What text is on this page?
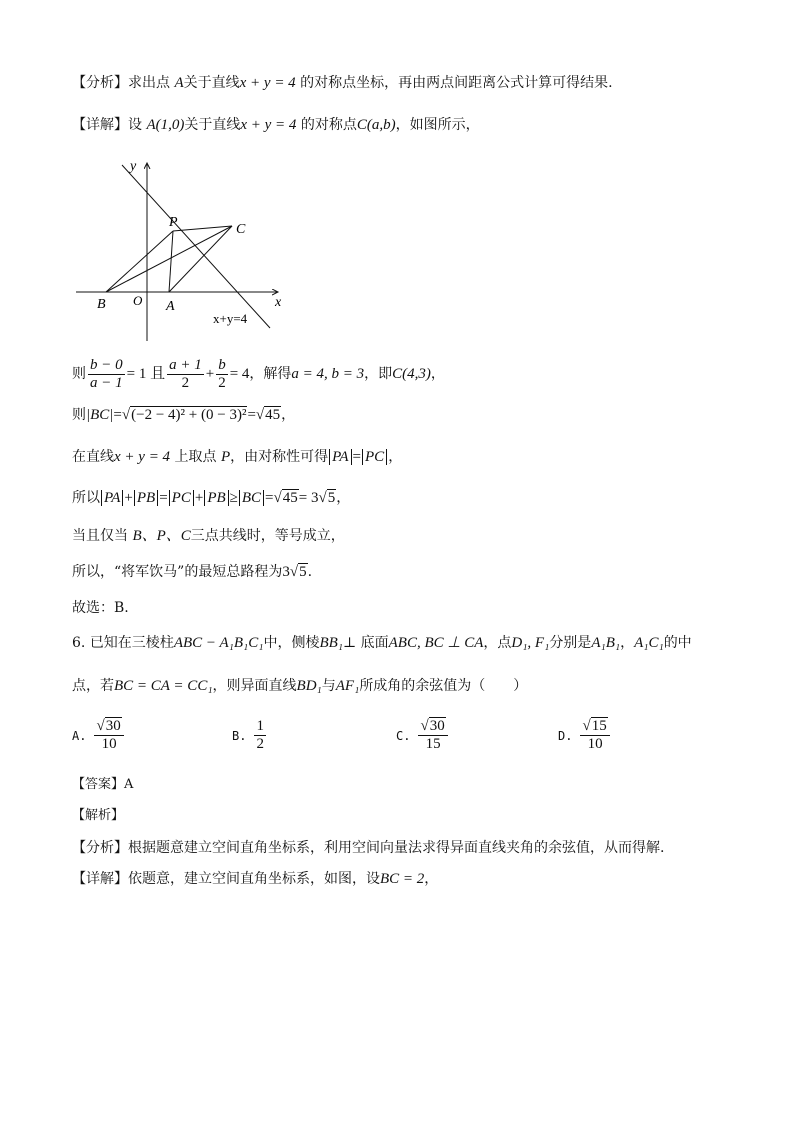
【分析】求出点 A关于直线x + y = 4 的对称点坐标，再由两点间距离公式计算可得结果.
【详解】设 A(1,0)关于直线x + y = 4 的对称点C(a,b)，如图所示，
y
x
O
P	C
B	A
x+y=4
则 $\frac{b - 0}{a - 1} = 1$ 且 $\frac{a + 1}{2} + \frac{b}{2} = 4$，解得a = 4, b = 3，即C(4,3)，
则|BC|=√(−2 − 4)² + (0 − 3)²=√45，
在直线x + y = 4 上取点 P，由对称性可得 PA = PC ，
所以 PA + PB = PC + PB ≥ BC =√45= 3√5，
当且仅当 B、P、C三点共线时，等号成立，
所以，“将军饮马”的最短总路程为3√5.
故选：B.
6. 已知在三棱柱ABC − A₁B₁C₁中，侧棱BB₁⊥ 底面ABC, BC ⊥ CA，点D₁, F₁分别是A₁B₁，A₁C₁的中
点，若BC = CA = CC₁，则异面直线BD₁与AF₁所成角的余弦值为（　　）
A. $\frac{√30}{10}$	B. $\frac{1}{2}$	C. $\frac{√30}{15}$	D. $\frac{√15}{10}$
【答案】A
【解析】
【分析】根据题意建立空间直角坐标系，利用空间向量法求得异面直线夹角的余弦值，从而得解.
【详解】依题意，建立空间直角坐标系，如图，设BC = 2，
